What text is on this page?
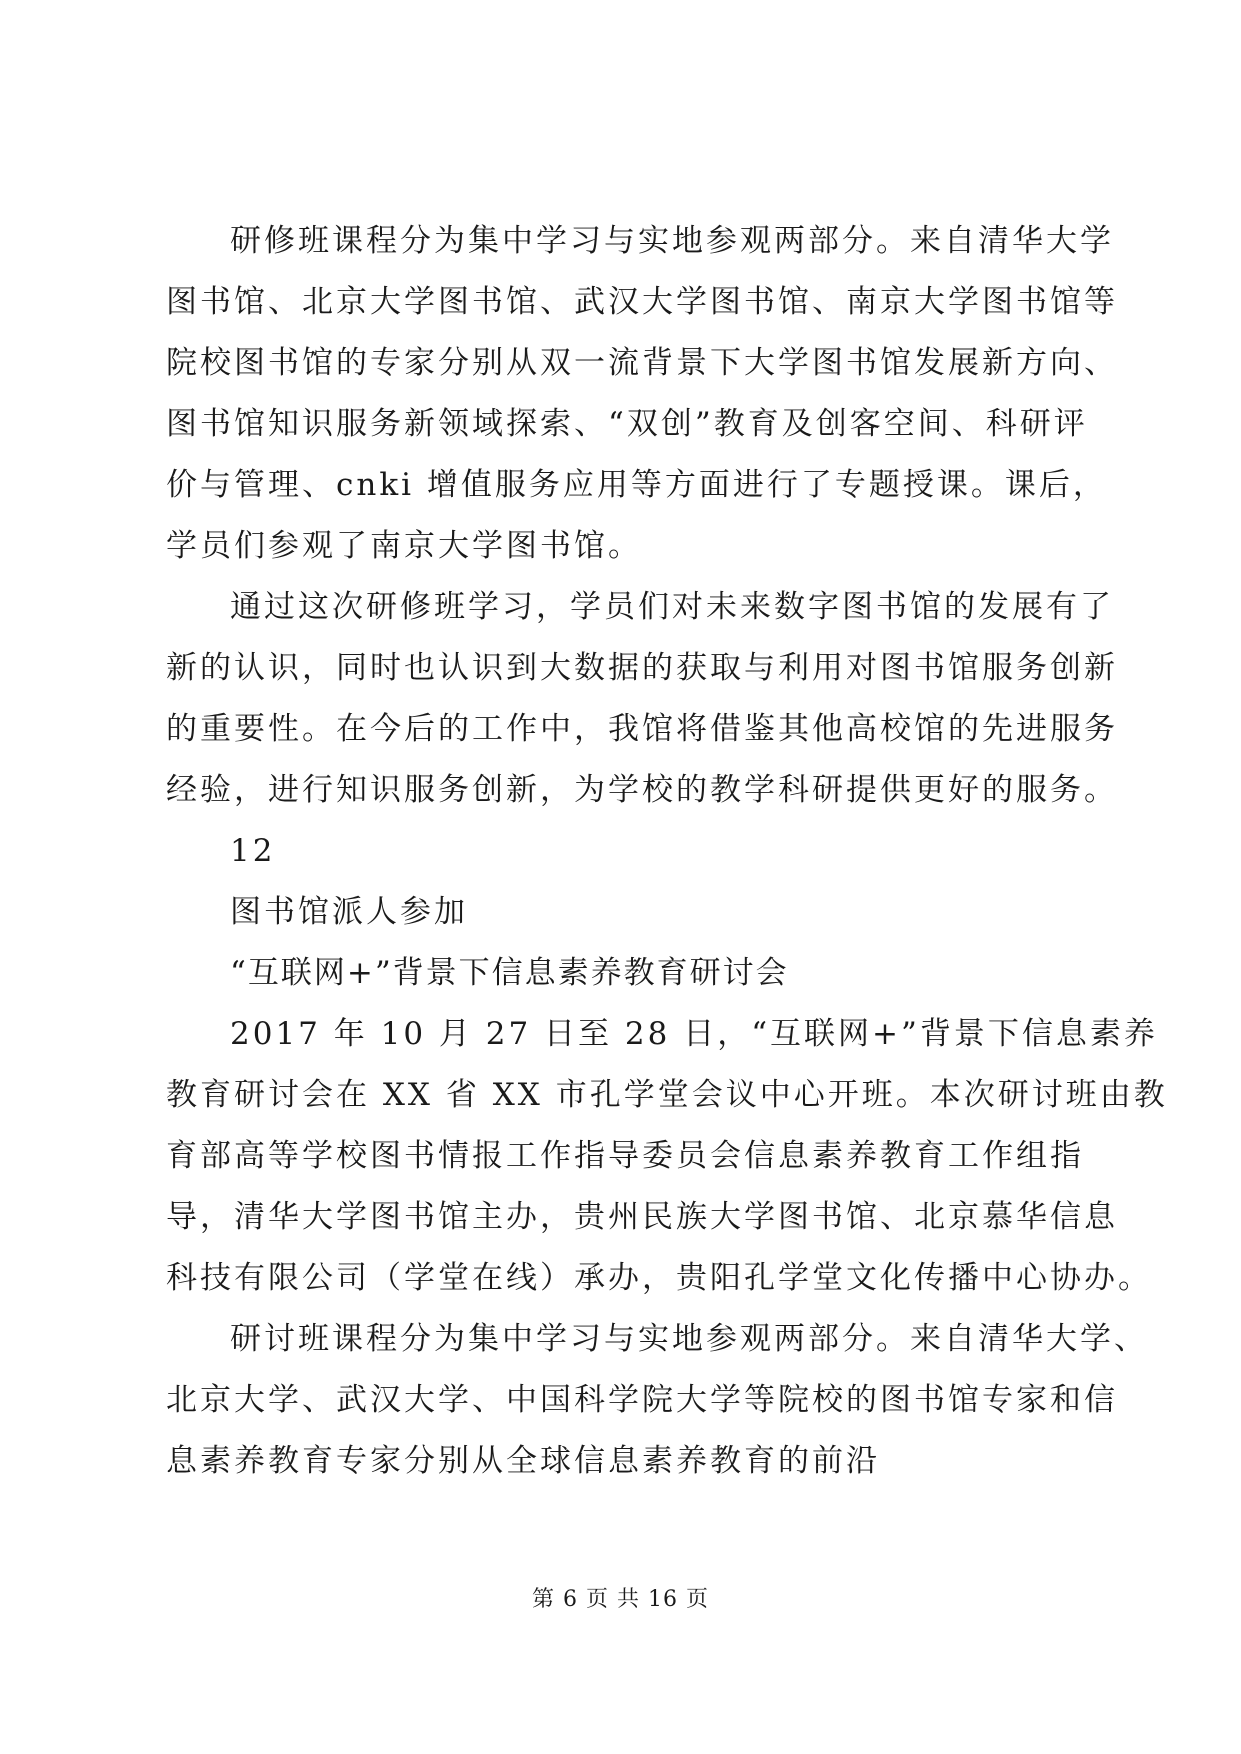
研修班课程分为集中学习与实地参观两部分。来自清华大学
图书馆、北京大学图书馆、武汉大学图书馆、南京大学图书馆等
院校图书馆的专家分别从双一流背景下大学图书馆发展新方向、
图书馆知识服务新领域探索、“双创”教育及创客空间、科研评
价与管理、cnki 增值服务应用等方面进行了专题授课。课后，
学员们参观了南京大学图书馆。
通过这次研修班学习，学员们对未来数字图书馆的发展有了
新的认识，同时也认识到大数据的获取与利用对图书馆服务创新
的重要性。在今后的工作中，我馆将借鉴其他高校馆的先进服务
经验，进行知识服务创新，为学校的教学科研提供更好的服务。
12
图书馆派人参加
“互联网+”背景下信息素养教育研讨会
2017 年 10 月 27 日至 28 日，“互联网+”背景下信息素养
教育研讨会在 XX 省 XX 市孔学堂会议中心开班。本次研讨班由教
育部高等学校图书情报工作指导委员会信息素养教育工作组指
导，清华大学图书馆主办，贵州民族大学图书馆、北京慕华信息
科技有限公司（学堂在线）承办，贵阳孔学堂文化传播中心协办。
研讨班课程分为集中学习与实地参观两部分。来自清华大学、
北京大学、武汉大学、中国科学院大学等院校的图书馆专家和信
息素养教育专家分别从全球信息素养教育的前沿
第 6 页 共 16 页
